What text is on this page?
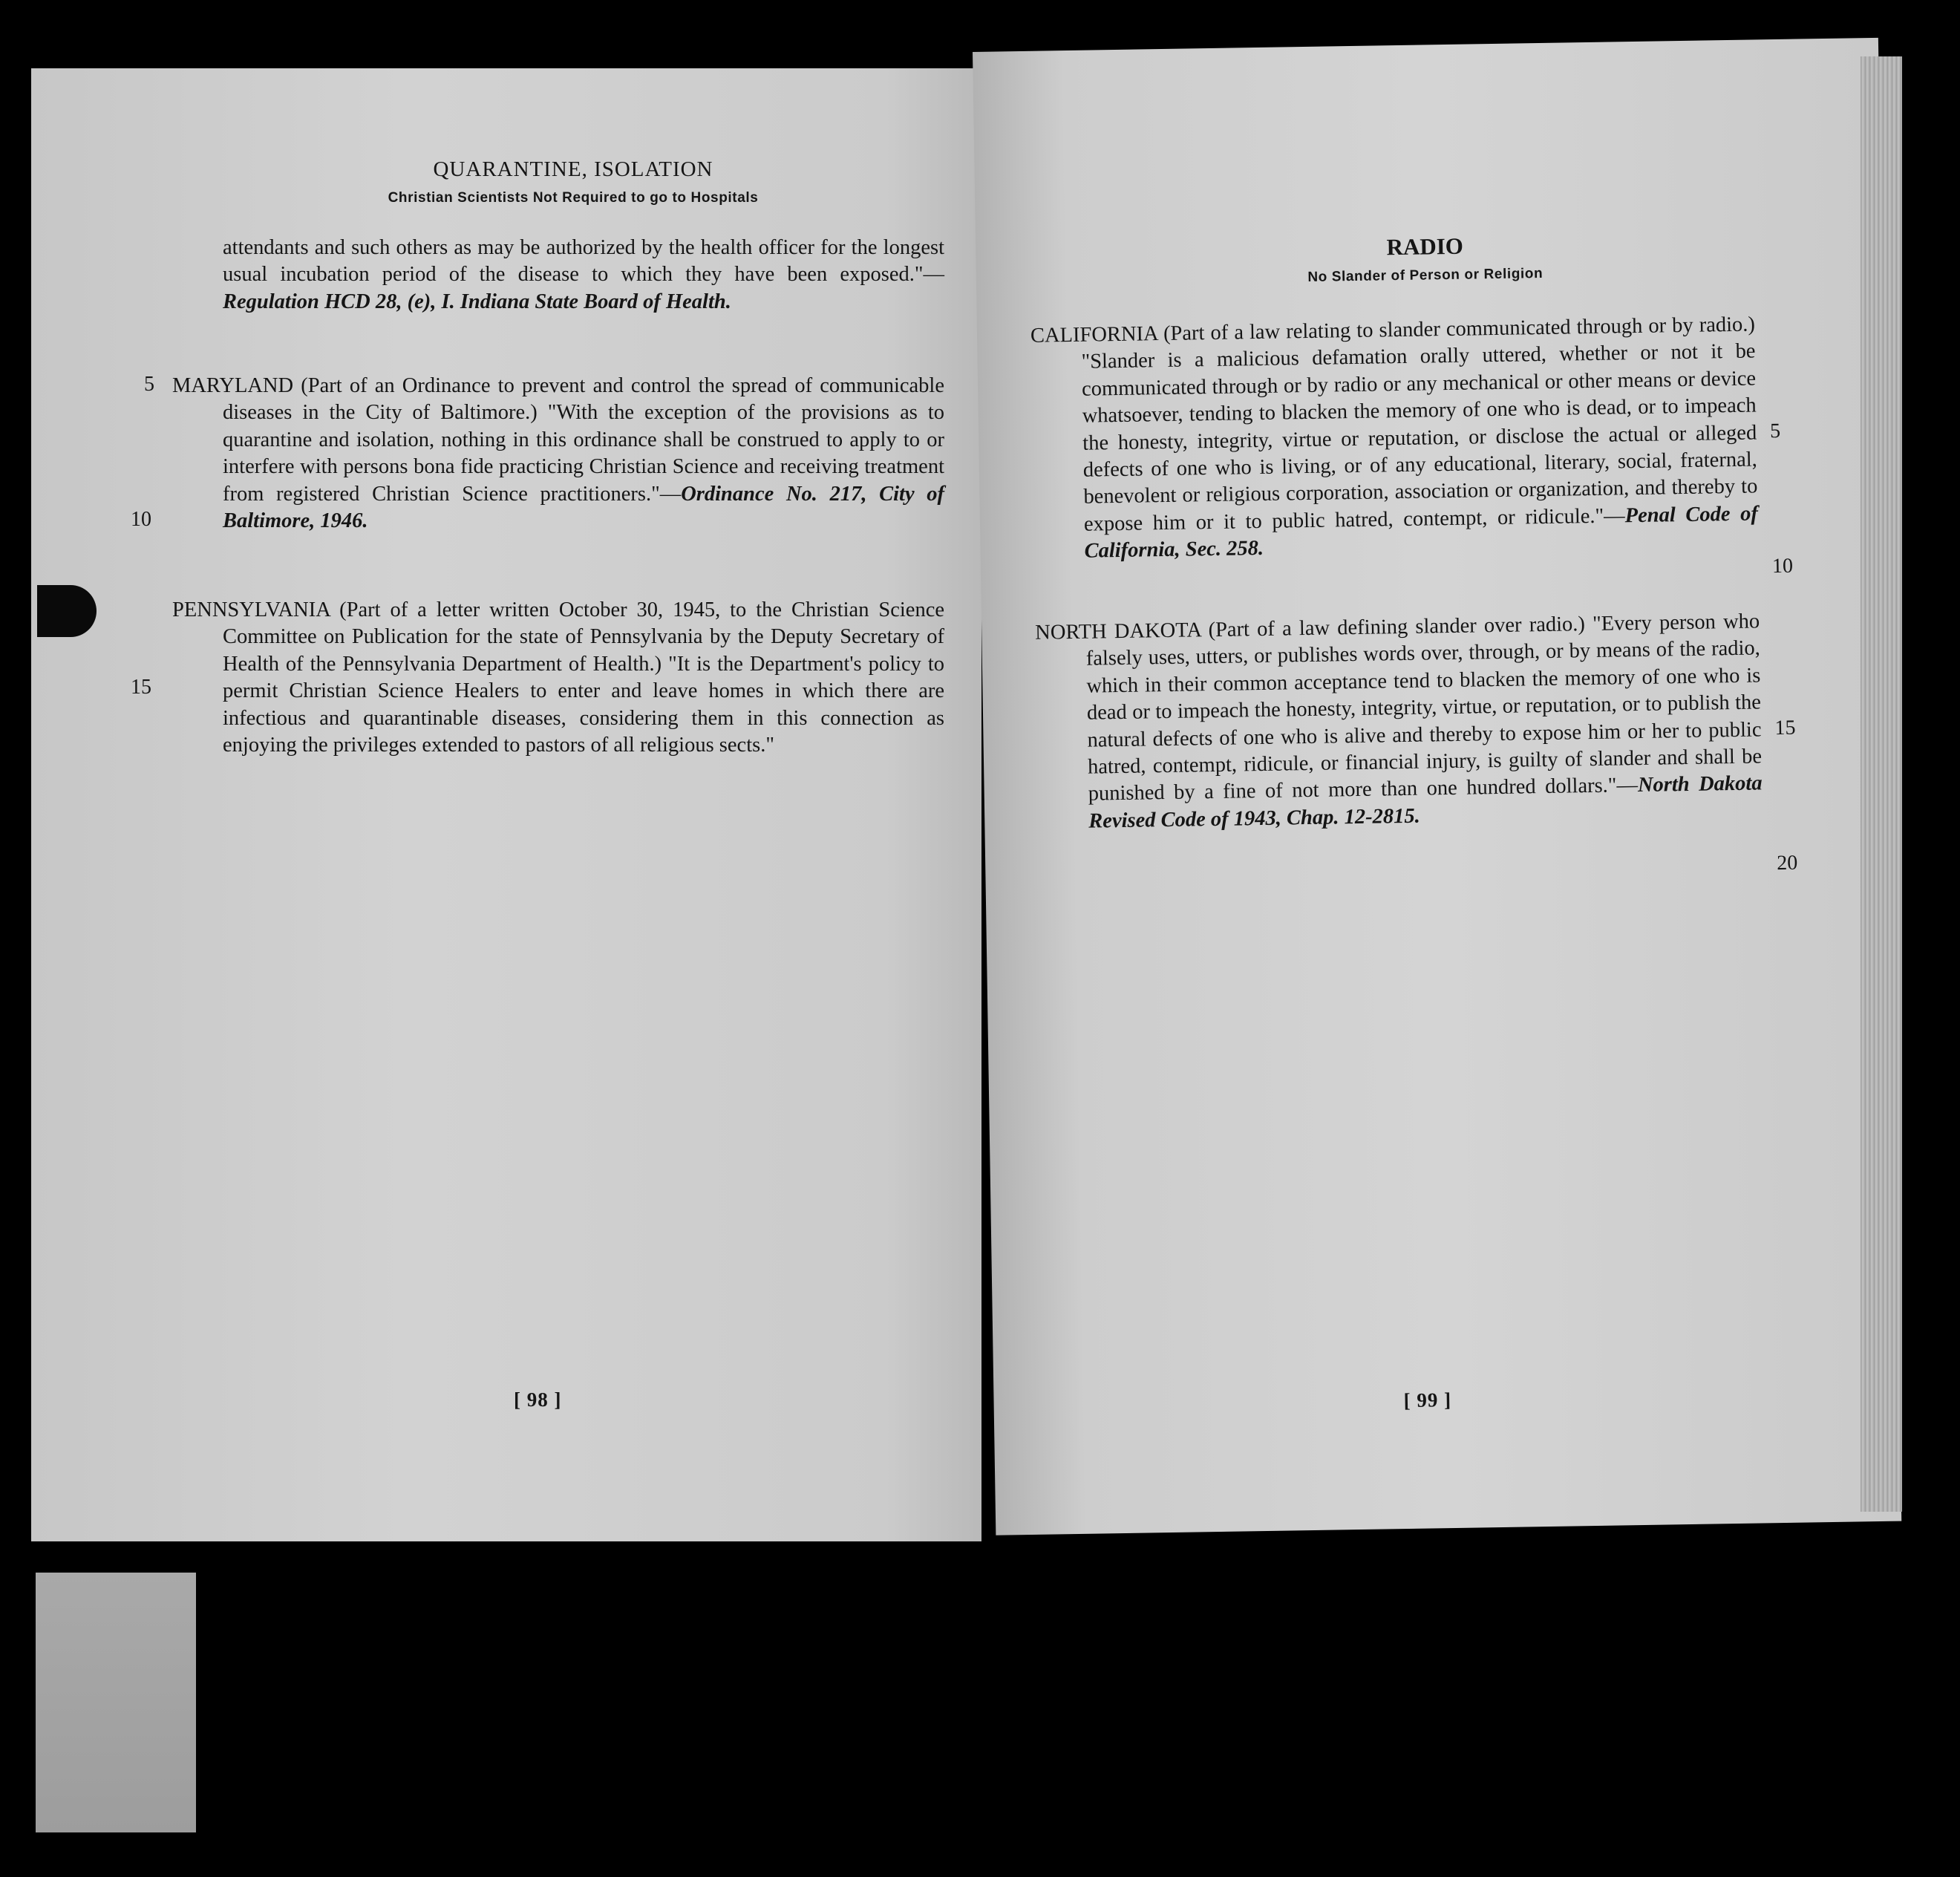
QUARANTINE, ISOLATION
Christian Scientists Not Required to go to Hospitals

attendants and such others as may be authorized by the health officer for the longest usual incubation period of the disease to which they have been exposed."—Regulation HCD 28, (e), I. Indiana State Board of Health.

MARYLAND (Part of an Ordinance to prevent and control the spread of communicable diseases in the City of Baltimore.) "With the exception of the provisions as to quarantine and isolation, nothing in this ordinance shall be construed to apply to or interfere with persons bona fide practicing Christian Science and receiving treatment from registered Christian Science practitioners."—Ordinance No. 217, City of Baltimore, 1946.

PENNSYLVANIA (Part of a letter written October 30, 1945, to the Christian Science Committee on Publication for the state of Pennsylvania by the Deputy Secretary of Health of the Pennsylvania Department of Health.) "It is the Department's policy to permit Christian Science Healers to enter and leave homes in which there are infectious and quarantinable diseases, considering them in this connection as enjoying the privileges extended to pastors of all religious sects."

5
10
15
[ 98 ]
RADIO
No Slander of Person or Religion

CALIFORNIA (Part of a law relating to slander communicated through or by radio.) "Slander is a malicious defamation orally uttered, whether or not it be communicated through or by radio or any mechanical or other means or device whatsoever, tending to blacken the memory of one who is dead, or to impeach the honesty, integrity, virtue or reputation, or disclose the actual or alleged defects of one who is living, or of any educational, literary, social, fraternal, benevolent or religious corporation, association or organization, and thereby to expose him or it to public hatred, contempt, or ridicule."—Penal Code of California, Sec. 258.

NORTH DAKOTA (Part of a law defining slander over radio.) "Every person who falsely uses, utters, or publishes words over, through, or by means of the radio, which in their common acceptance tend to blacken the memory of one who is dead or to impeach the honesty, integrity, virtue, or reputation, or to publish the natural defects of one who is alive and thereby to expose him or her to public hatred, contempt, ridicule, or financial injury, is guilty of slander and shall be punished by a fine of not more than one hundred dollars."—North Dakota Revised Code of 1943, Chap. 12-2815.

5
10
15
20
[ 99 ]
